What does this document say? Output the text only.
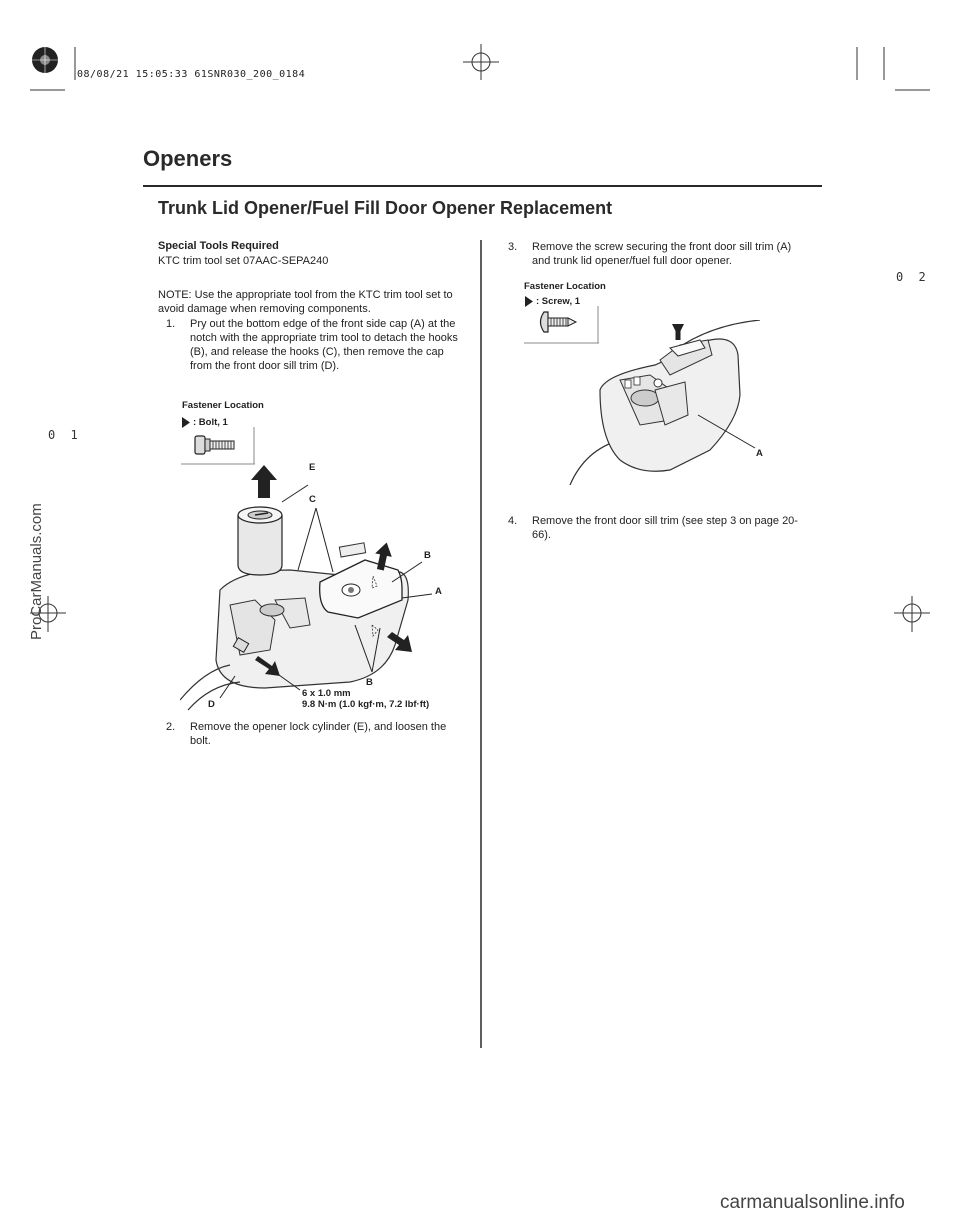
08/08/21 15:05:33 61SNR030_200_0184
Openers
Trunk Lid Opener/Fuel Fill Door Opener Replacement
0 2
0 1
Special Tools Required
KTC trim tool set 07AAC-SEPA240
NOTE: Use the appropriate tool from the KTC trim tool set to avoid damage when removing components.
1. Pry out the bottom edge of the front side cap (A) at the notch with the appropriate trim tool to detach the hooks (B), and release the hooks (C), then remove the cap from the front door sill trim (D).
Fastener Location
: Bolt, 1
E
C
B
A
B
6 x 1.0 mm
D	9.8 N·m (1.0 kgf·m, 7.2 lbf·ft)
2. Remove the opener lock cylinder (E), and loosen the bolt.
3. Remove the screw securing the front door sill trim (A) and trunk lid opener/fuel full door opener.
Fastener Location
: Screw, 1
A
4. Remove the front door sill trim (see step 3 on page 20-66).
ProCarManuals.com
carmanualsonline.info
